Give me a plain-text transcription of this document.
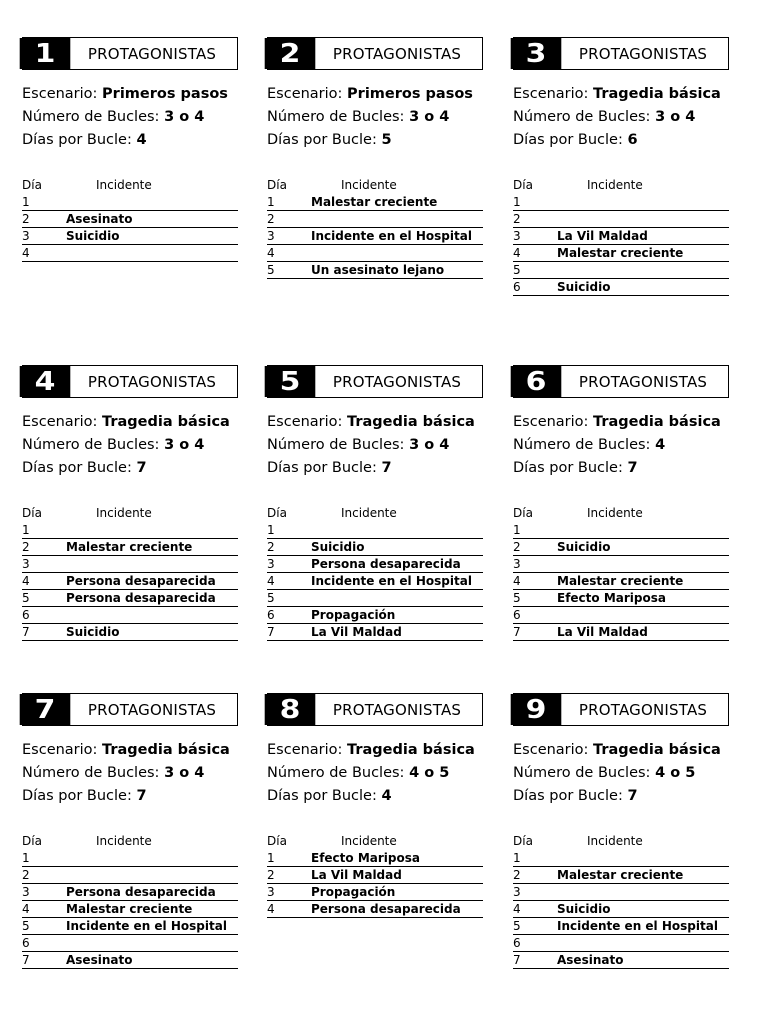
1	PROTAGONISTAS
Escenario: Primeros pasos
Número de Bucles: 3 o 4
Días por Bucle: 4
Día	Incidente
1
2	Asesinato
3	Suicidio
4
2	PROTAGONISTAS
Escenario: Primeros pasos
Número de Bucles: 3 o 4
Días por Bucle: 5
Día	Incidente
1	Malestar creciente
2
3	Incidente en el Hospital
4
5	Un asesinato lejano
3	PROTAGONISTAS
Escenario: Tragedia básica
Número de Bucles: 3 o 4
Días por Bucle: 6
Día	Incidente
1
2
3	La Vil Maldad
4	Malestar creciente
5
6	Suicidio
4	PROTAGONISTAS
Escenario: Tragedia básica
Número de Bucles: 3 o 4
Días por Bucle: 7
Día	Incidente
1
2	Malestar creciente
3
4	Persona desaparecida
5	Persona desaparecida
6
7	Suicidio
5	PROTAGONISTAS
Escenario: Tragedia básica
Número de Bucles: 3 o 4
Días por Bucle: 7
Día	Incidente
1
2	Suicidio
3	Persona desaparecida
4	Incidente en el Hospital
5
6	Propagación
7	La Vil Maldad
6	PROTAGONISTAS
Escenario: Tragedia básica
Número de Bucles: 4
Días por Bucle: 7
Día	Incidente
1
2	Suicidio
3
4	Malestar creciente
5	Efecto Mariposa
6
7	La Vil Maldad
7	PROTAGONISTAS
Escenario: Tragedia básica
Número de Bucles: 3 o 4
Días por Bucle: 7
Día	Incidente
1
2
3	Persona desaparecida
4	Malestar creciente
5	Incidente en el Hospital
6
7	Asesinato
8	PROTAGONISTAS
Escenario: Tragedia básica
Número de Bucles: 4 o 5
Días por Bucle: 4
Día	Incidente
1	Efecto Mariposa
2	La Vil Maldad
3	Propagación
4	Persona desaparecida
9	PROTAGONISTAS
Escenario: Tragedia básica
Número de Bucles: 4 o 5
Días por Bucle: 7
Día	Incidente
1
2	Malestar creciente
3
4	Suicidio
5	Incidente en el Hospital
6
7	Asesinato
